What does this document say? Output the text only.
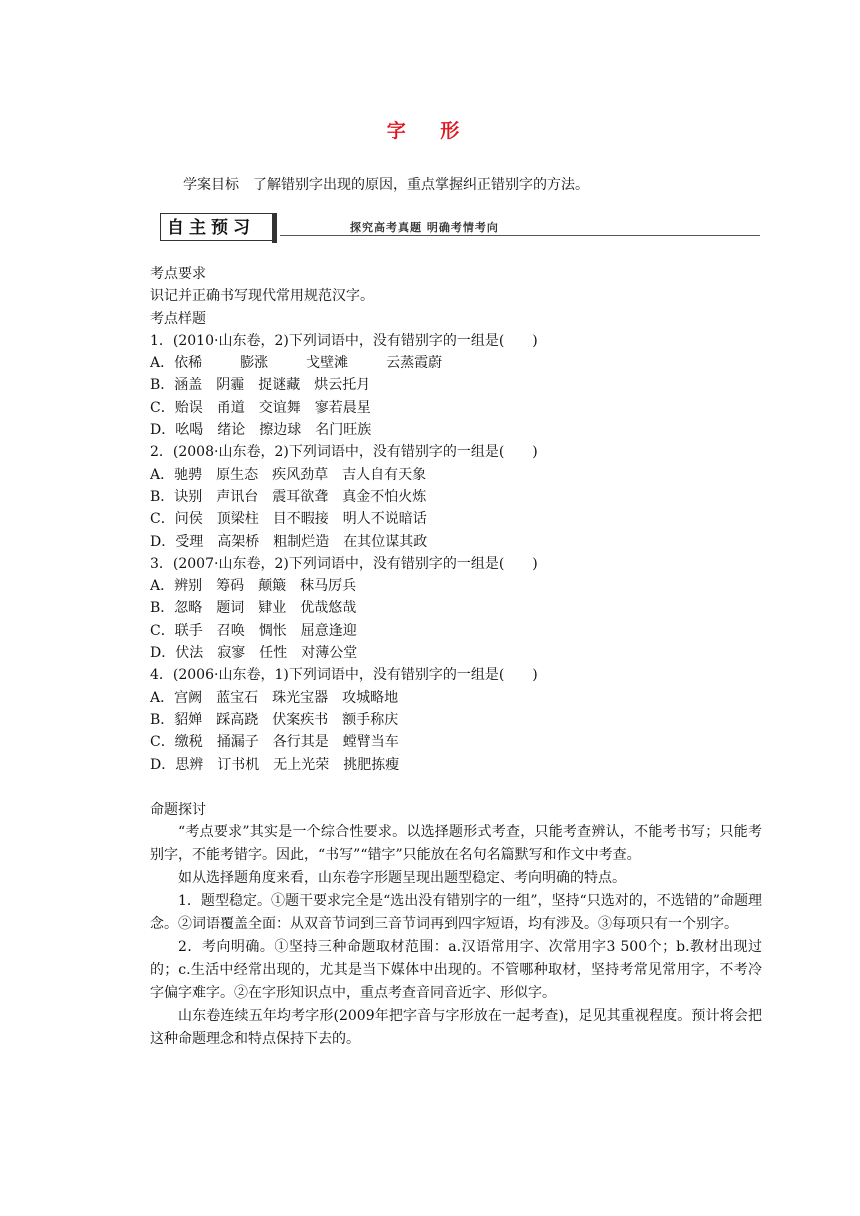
字 形
学案目标 了解错别字出现的原因，重点掌握纠正错别字的方法。
自主预习	探究高考真题 明确考情考向

考点要求

识记并正确书写现代常用规范汉字。

考点样题

1．(2010·山东卷，2)下列词语中，没有错别字的一组是(　　)

A．依稀	膨涨	戈壁滩	云蒸霞蔚

B．涵盖 阴霾 捉谜藏 烘云托月

C．贻误 甬道 交谊舞 寥若晨星

D．吆喝 绪论 擦边球 名门旺族

2．(2008·山东卷，2)下列词语中，没有错别字的一组是(　　)

A．驰骋 原生态 疾风劲草 吉人自有天象

B．诀别 声讯台 震耳欲聋 真金不怕火炼

C．问侯 顶梁柱 目不暇接 明人不说暗话

D．受理 高架桥 粗制烂造 在其位谋其政

3．(2007·山东卷，2)下列词语中，没有错别字的一组是(　　)

A．辨别 筹码 颠簸 秣马厉兵

B．忽略 题词 肄业 优哉悠哉

C．联手 召唤 惆怅 屈意逢迎

D．伏法 寂寥 任性 对薄公堂

4．(2006·山东卷，1)下列词语中，没有错别字的一组是(　　)

A．宫阙 蓝宝石 珠光宝器 攻城略地

B．貂婵 踩高跷 伏案疾书 额手称庆

C．缴税 捅漏子 各行其是 螳臂当车

D．思辨 订书机 无上光荣 挑肥拣瘦

命题探讨

“考点要求”其实是一个综合性要求。以选择题形式考查，只能考查辨认，不能考书写；只能考别字，不能考错字。因此，“书写”“错字”只能放在名句名篇默写和作文中考查。

如从选择题角度来看，山东卷字形题呈现出题型稳定、考向明确的特点。

1．题型稳定。①题干要求完全是“选出没有错别字的一组”，坚持“只选对的，不选错的”命题理念。②词语覆盖全面：从双音节词到三音节词再到四字短语，均有涉及。③每项只有一个别字。

2．考向明确。①坚持三种命题取材范围：a.汉语常用字、次常用字3 500个；b.教材出现过的；c.生活中经常出现的，尤其是当下媒体中出现的。不管哪种取材，坚持考常见常用字，不考冷字偏字难字。②在字形知识点中，重点考查音同音近字、形似字。

山东卷连续五年均考字形(2009年把字音与字形放在一起考查)，足见其重视程度。预计将会把这种命题理念和特点保持下去的。
